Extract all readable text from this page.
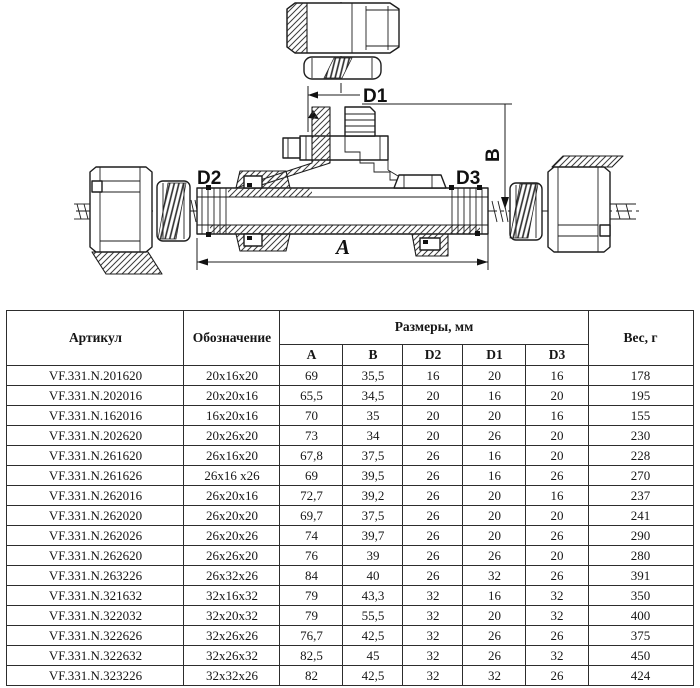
D1
B
D2	D3
A
Артикул	Обозначение	Размеры, мм					Вес, г
		A	B	D2	D1	D3	
VF.331.N.201620	20x16x20	69	35,5	16	20	16	178
VF.331.N.202016	20x20x16	65,5	34,5	20	16	20	195
VF.331.N.162016	16x20x16	70	35	20	20	16	155
VF.331.N.202620	20x26x20	73	34	20	26	20	230
VF.331.N.261620	26x16x20	67,8	37,5	26	16	20	228
VF.331.N.261626	26x16 x26	69	39,5	26	16	26	270
VF.331.N.262016	26x20x16	72,7	39,2	26	20	16	237
VF.331.N.262020	26x20x20	69,7	37,5	26	20	20	241
VF.331.N.262026	26x20x26	74	39,7	26	20	26	290
VF.331.N.262620	26x26x20	76	39	26	26	20	280
VF.331.N.263226	26x32x26	84	40	26	32	26	391
VF.331.N.321632	32x16x32	79	43,3	32	16	32	350
VF.331.N.322032	32x20x32	79	55,5	32	20	32	400
VF.331.N.322626	32x26x26	76,7	42,5	32	26	26	375
VF.331.N.322632	32x26x32	82,5	45	32	26	32	450
VF.331.N.323226	32x32x26	82	42,5	32	32	26	424
